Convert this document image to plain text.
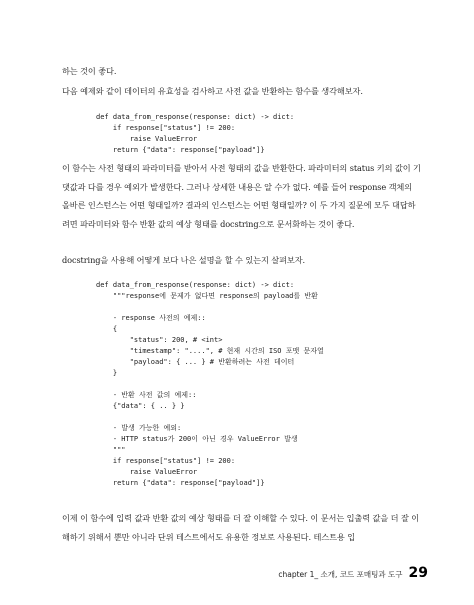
하는 것이 좋다.
다음 예제와 같이 데이터의 유효성을 검사하고 사전 값을 반환하는 함수를 생각해보자.
def data_from_response(response: dict) -> dict:
if response["status"] != 200:
raise ValueError
return {"data": response["payload"]}
이 함수는 사전 형태의 파라미터를 받아서 사전 형태의 값을 반환한다. 파라미터의 status 키의 값이 기댓값과 다를 경우 예외가 발생한다. 그러나 상세한 내용은 알 수가 없다. 예를 들어 response 객체의 올바른 인스턴스는 어떤 형태일까? 결과의 인스턴스는 어떤 형태일까? 이 두 가지 질문에 모두 대답하려면 파라미터와 함수 반환 값의 예상 형태를 docstring으로 문서화하는 것이 좋다.
docstring을 사용해 어떻게 보다 나은 설명을 할 수 있는지 살펴보자.
def data_from_response(response: dict) -> dict:
"""response에 문제가 없다면 response의 payload를 반환

- response 사전의 예제::
{
"status": 200, # <int>
"timestamp": "....", # 현재 시간의 ISO 포맷 문자열
"payload": { ... } # 반환하려는 사전 데이터
}

- 반환 사전 값의 예제::
{"data": { .. } }

- 발생 가능한 예외:
- HTTP status가 200이 아닌 경우 ValueError 발생
"""
if response["status"] != 200:
raise ValueError
return {"data": response["payload"]}
이제 이 함수에 입력 값과 반환 값의 예상 형태를 더 잘 이해할 수 있다. 이 문서는 입출력 값을 더 잘 이해하기 위해서 뿐만 아니라 단위 테스트에서도 유용한 정보로 사용된다. 테스트용 입
chapter 1_ 소개, 코드 포매팅과 도구 29
